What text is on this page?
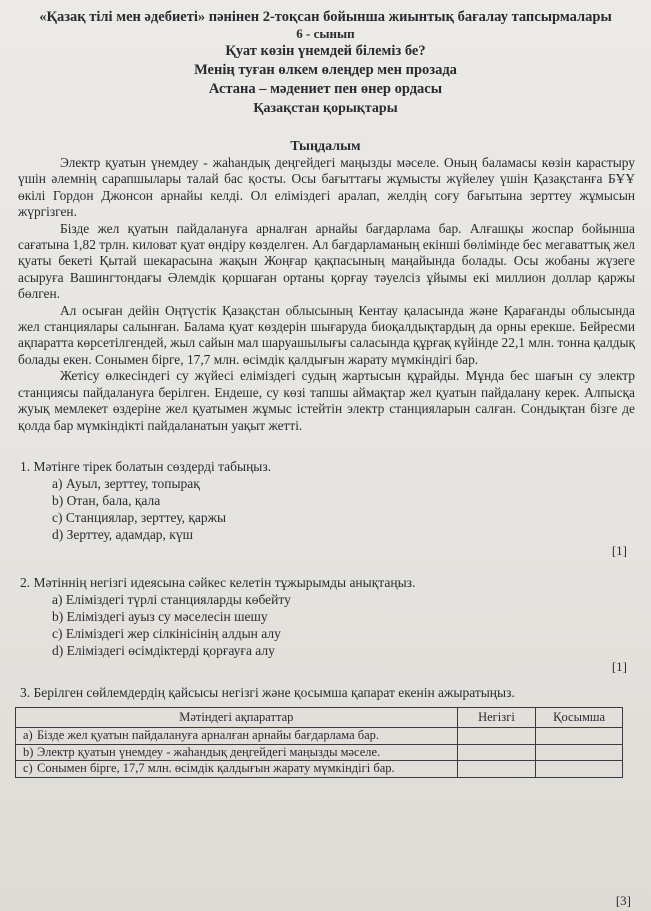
«Қазақ тілі мен әдебиеті» пәнінен 2-тоқсан бойынша жиынтық бағалау тапсырмалары
6 - сынып
Қуат көзін үнемдей білеміз бе?
Менің туған өлкем өлеңдер мен прозада
Астана – мәдениет пен өнер ордасы
Қазақстан қорықтары
Тыңдалым

Электр қуатын үнемдеу - жаһандық деңгейдегі маңызды мәселе. Оның баламасы көзін карастыру үшін әлемнің сарапшылары талай бас қосты. Осы бағыттағы жұмысты жүйелеу үшін Қазақстанға БҰҰ өкілі Гордон Джонсон арнайы келді. Ол еліміздегі аралап, желдің соғу бағытына зерттеу жұмысын жүргізген.

Бізде жел қуатын пайдалануға арналған арнайы бағдарлама бар. Алғашқы жоспар бойынша сағатына 1,82 трлн. киловат қуат өндіру көзделген. Ал бағдарламаның екінші бөлімінде бес мегаваттық жел қуаты бекеті Қытай шекарасына жақын Жоңғар қақпасының маңайында болады. Осы жобаны жүзеге асыруға Вашингтондағы Әлемдік қоршаған ортаны қорғау тәуелсіз ұйымы екі миллион доллар қаржы бөлген.

Ал осыған дейін Оңтүстік Қазақстан облысының Кентау қаласында және Қарағанды облысында жел станциялары салынған. Балама қуат көздерін шығаруда биоқалдықтардың да орны ерекше. Бейресми ақпаратта көрсетілгендей, жыл сайын мал шаруашылығы саласында құрғақ күйінде 22,1 млн. тонна қалдық болады екен. Сонымен бірге, 17,7 млн. өсімдік қалдығын жарату мүмкіндігі бар.

Жетісу өлкесіндегі су жүйесі еліміздегі судың жартысын құрайды. Мұнда бес шағын су электр станциясы пайдалануға берілген. Ендеше, су көзі тапшы аймақтар жел қуатын пайдалану керек. Алпысқа жуық мемлекет өздеріне жел қуатымен жұмыс істейтін электр станцияларын салған. Сондықтан бізге де қолда бар мүмкіндікті пайдаланатын уақыт жетті.

1. Мәтінге тірек болатын сөздерді табыңыз.
a) Ауыл, зерттеу, топырақ
b) Отан, бала, қала
c) Станциялар, зерттеу, қаржы
d) Зерттеу, адамдар, күш
[1]
2. Мәтіннің негізгі идеясына сәйкес келетін тұжырымды анықтаңыз.
a) Еліміздегі түрлі станцияларды көбейту
b) Еліміздегі ауыз су мәселесін шешу
c) Еліміздегі жер сілкінісінің алдын алу
d) Еліміздегі өсімдіктерді қорғауға алу
[1]
3. Берілген сөйлемдердің қайсысы негізгі және қосымша қапарат екенін ажыратыңыз.
Мәтіндегі ақпараттар	Негізгі	Қосымша
a) Бізде жел қуатын пайдалануға арналған арнайы бағдарлама бар.		
b) Электр қуатын үнемдеу - жаһандық деңгейдегі маңызды мәселе.		
c) Сонымен бірге, 17,7 млн. өсімдік қалдығын жарату мүмкіндігі бар.		
[3]
